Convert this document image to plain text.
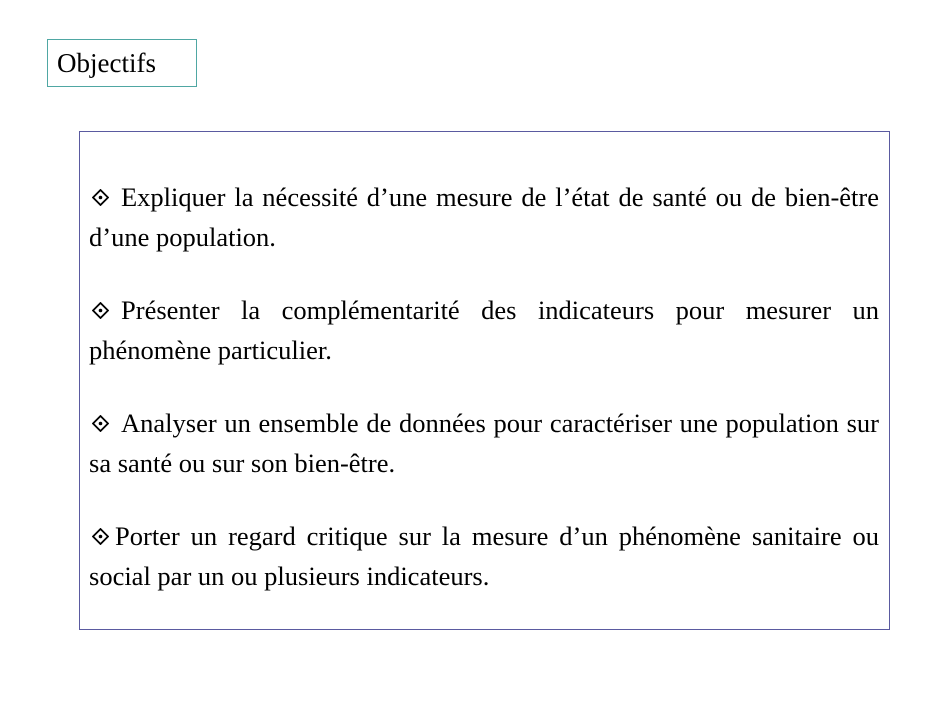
Objectifs

Expliquer la nécessité d’une mesure de l’état de santé ou de bien-être d’une population.

Présenter la complémentarité des indicateurs pour mesurer un phénomène particulier.

Analyser un ensemble de données pour caractériser une population sur sa santé ou sur son bien-être.

Porter un regard critique sur la mesure d’un phénomène sanitaire ou social par un ou plusieurs indicateurs.
